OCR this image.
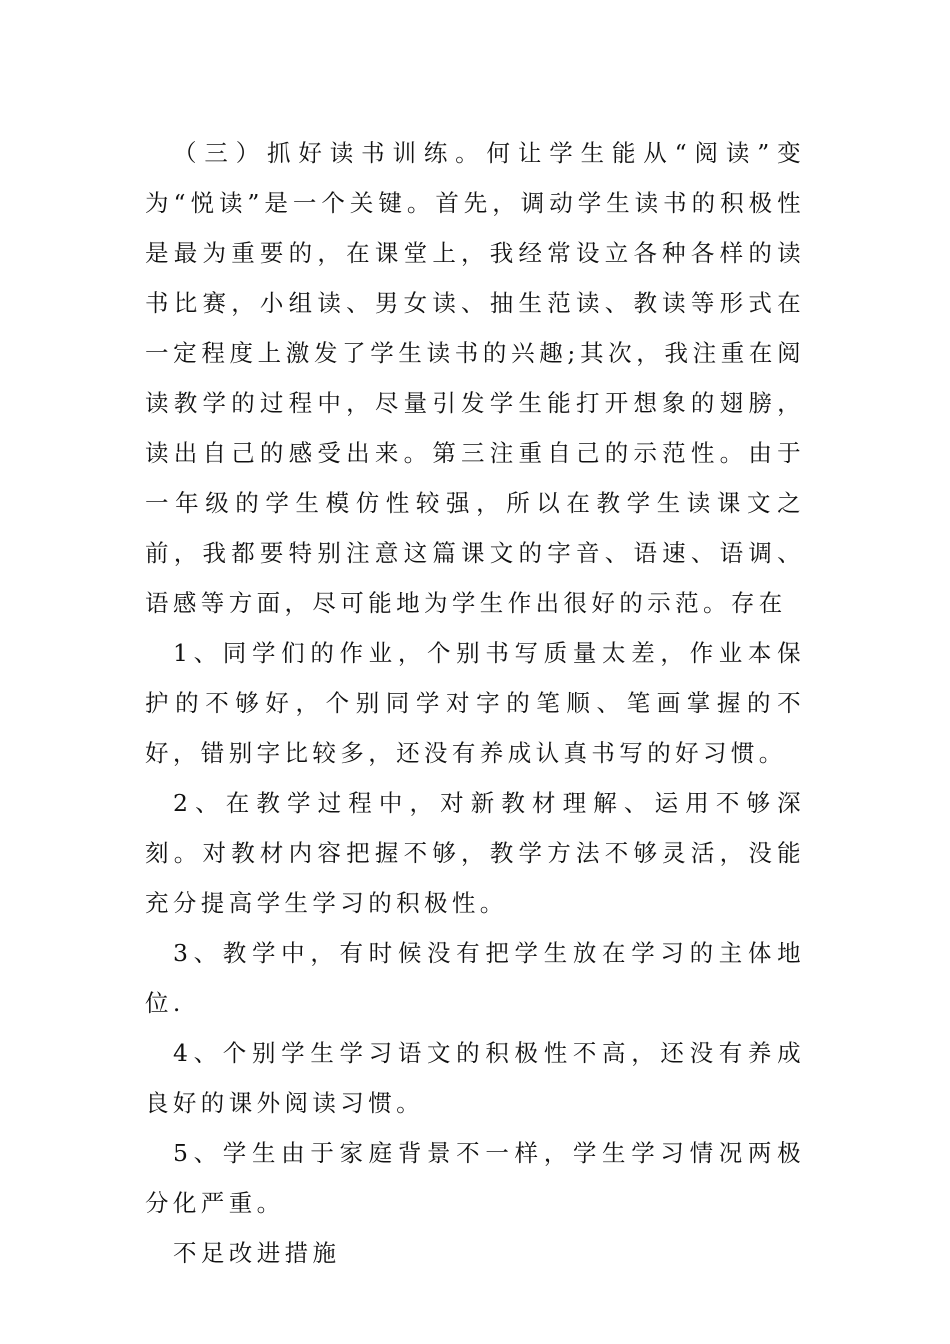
（三）抓好读书训练。何让学生能从“阅读”变为“悦读”是一个关键。首先，调动学生读书的积极性是最为重要的，在课堂上，我经常设立各种各样的读书比赛，小组读、男女读、抽生范读、教读等形式在一定程度上激发了学生读书的兴趣;其次，我注重在阅读教学的过程中，尽量引发学生能打开想象的翅膀，读出自己的感受出来。第三注重自己的示范性。由于一年级的学生模仿性较强，所以在教学生读课文之前，我都要特别注意这篇课文的字音、语速、语调、语感等方面，尽可能地为学生作出很好的示范。存在

1、同学们的作业，个别书写质量太差，作业本保护的不够好，个别同学对字的笔顺、笔画掌握的不好，错别字比较多，还没有养成认真书写的好习惯。

2、在教学过程中，对新教材理解、运用不够深刻。对教材内容把握不够，教学方法不够灵活，没能充分提高学生学习的积极性。

3、教学中，有时候没有把学生放在学习的主体地位.

4、个别学生学习语文的积极性不高，还没有养成良好的课外阅读习惯。

5、学生由于家庭背景不一样，学生学习情况两极分化严重。

不足改进措施
